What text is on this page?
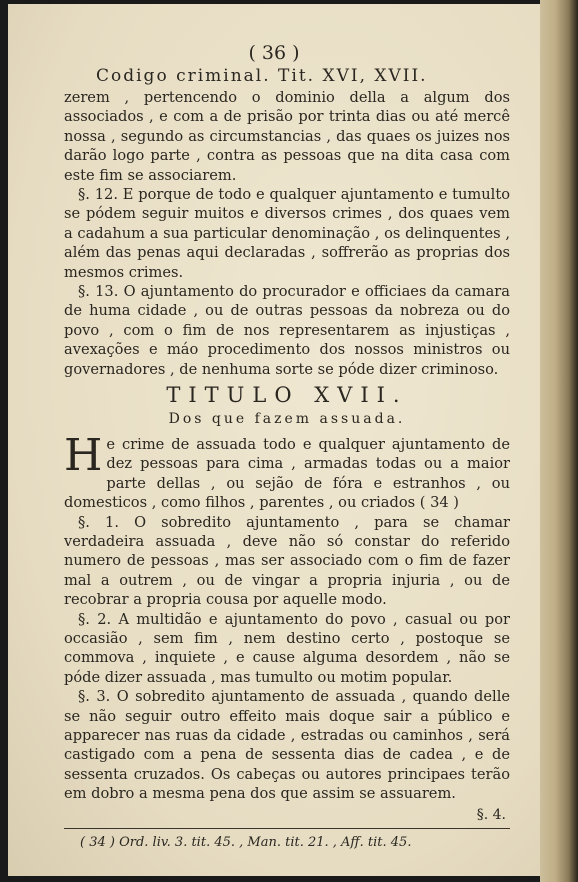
( 36 )
Codigo criminal. Tit. XVI, XVII.

zerem , pertencendo o dominio della a algum dos associados , e com a de prisão por trinta dias ou até mercê nossa , segundo as circumstancias , das quaes os juizes nos darão logo parte , contra as pessoas que na dita casa com este fim se associarem.

§. 12. E porque de todo e qualquer ajuntamento e tumulto se pódem seguir muitos e diversos crimes , dos quaes vem a cadahum a sua particular denominação , os delinquentes , além das penas aqui declaradas , soffrerão as proprias dos mesmos crimes.

§. 13. O ajuntamento do procurador e officiaes da camara de huma cidade , ou de outras pessoas da nobreza ou do povo , com o fim de nos representarem as injustiças , avexações e máo procedimento dos nossos ministros ou governadores , de nenhuma sorte se póde dizer criminoso.

TITULO XVII.
Dos que fazem assuada.

He crime de assuada todo e qualquer ajuntamento de dez pessoas para cima , armadas todas ou a maior parte dellas , ou sejão de fóra e estranhos , ou domesticos , como filhos , parentes , ou criados ( 34 )

§. 1. O sobredito ajuntamento , para se chamar verdadeira assuada , deve não só constar do referido numero de pessoas , mas ser associado com o fim de fazer mal a outrem , ou de vingar a propria injuria , ou de recobrar a propria cousa por aquelle modo.

§. 2. A multidão e ajuntamento do povo , casual ou por occasião , sem fim , nem destino certo , postoque se commova , inquiete , e cause alguma desordem , não se póde dizer assuada , mas tumulto ou motim popular.

§. 3. O sobredito ajuntamento de assuada , quando delle se não seguir outro effeito mais doque sair a público e apparecer nas ruas da cidade , estradas ou caminhos , será castigado com a pena de sessenta dias de cadea , e de sessenta cruzados. Os cabeças ou autores principaes terão em dobro a mesma pena dos que assim se assuarem.

§. 4.
( 34 ) Ord. liv. 3. tit. 45. , Man. tit. 21. , Aff. tit. 45.
